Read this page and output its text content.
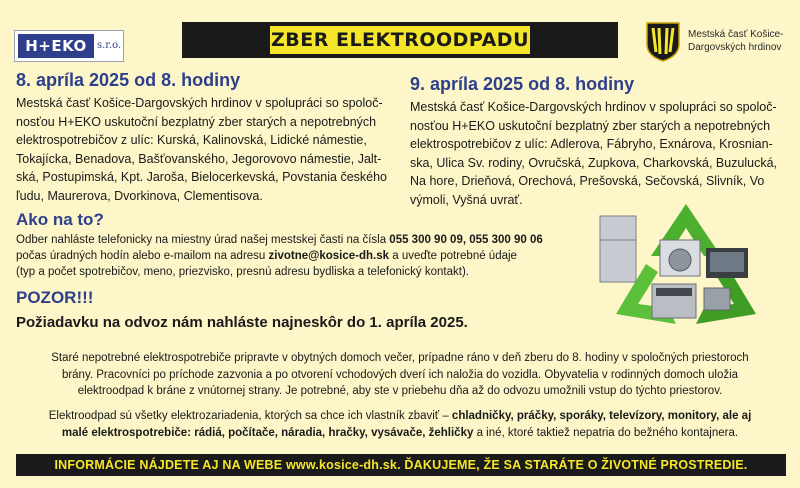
H+EKO	s.r.o.	ZBER ELEKTROODPADU	Mestská časť Košice-
Dargovských hrdinov
8. apríla 2025 od 8. hodiny
Mestská časť Košice-Dargovských hrdinov v spolupráci so spoloč-
nosťou H+EKO uskutoční bezplatný zber starých a nepotrebných
elektrospotrebičov z ulíc: Kurská, Kalinovská, Lidické námestie,
Tokajícka, Benadova, Bašťovanského, Jegorovovo námestie, Jalt-
ská, Postupimská, Kpt. Jaroša, Bielocerkevská, Povstania českého
ľudu, Maurerova, Dvorkinova, Clementisova.
9. apríla 2025 od 8. hodiny
Mestská časť Košice-Dargovských hrdinov v spolupráci so spoloč-
nosťou H+EKO uskutoční bezplatný zber starých a nepotrebných
elektrospotrebičov z ulíc: Adlerova, Fábryho, Exnárova, Krosnian-
ska, Ulica Sv. rodiny, Ovručská, Zupkova, Charkovská, Buzulucká,
Na hore, Drieňová, Orechová, Prešovská, Sečovská, Slivník, Vo
výmoli, Vyšná uvrať.
Ako na to?
Odber nahláste telefonicky na miestny úrad našej mestskej časti na čísla 055 300 90 09, 055 300 90 06
počas úradných hodín alebo e-mailom na adresu zivotne@kosice-dh.sk a uveďte potrebné údaje
(typ a počet spotrebičov, meno, priezvisko, presnú adresu bydliska a telefonický kontakt).
POZOR!!!
Požiadavku na odvoz nám nahláste najneskôr do 1. apríla 2025.
Staré nepotrebné elektrospotrebiče pripravte v obytných domoch večer, prípadne ráno v deň zberu do 8. hodiny v spoločných priestoroch
brány. Pracovníci po príchode zazvonia a po otvorení vchodových dverí ich naložia do vozidla. Obyvatelia v rodinných domoch uložia
elektroodpad k bráne z vnútornej strany. Je potrebné, aby ste v priebehu dňa až do odvozu umožnili vstup do týchto priestorov.
Elektroodpad sú všetky elektrozariadenia, ktorých sa chce ich vlastník zbaviť – chladničky, práčky, sporáky, televízory, monitory, ale aj
malé elektrospotrebiče: rádiá, počítače, náradia, hračky, vysávače, žehličky a iné, ktoré taktiež nepatria do bežného kontajnera.
INFORMÁCIE NÁJDETE AJ NA WEBE www.kosice-dh.sk. ĎAKUJEME, ŽE SA STARÁTE O ŽIVOTNÉ PROSTREDIE.
